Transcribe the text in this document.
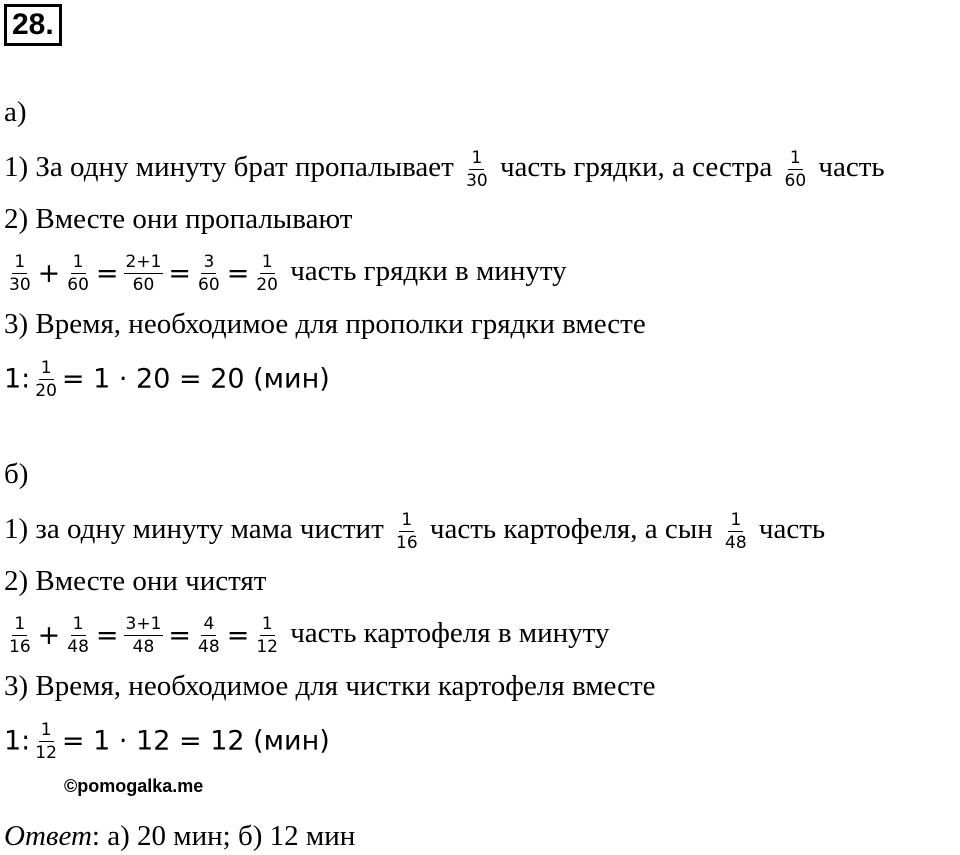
28.
а)
1) За одну минуту брат пропалывает $\frac{1}{30}$ часть грядки, а сестра $\frac{1}{60}$ часть
2) Вместе они пропалывают
$\frac{1}{30} + \frac{1}{60} = \frac{2+1}{60} = \frac{3}{60} = \frac{1}{20}$ часть грядки в минуту
3) Время, необходимое для прополки грядки вместе
1: $\frac{1}{20} = 1 \cdot 20 = 20$ (мин)
б)
1) за одну минуту мама чистит $\frac{1}{16}$ часть картофеля, а сын $\frac{1}{48}$ часть
2) Вместе они чистят
$\frac{1}{16} + \frac{1}{48} = \frac{3+1}{48} = \frac{4}{48} = \frac{1}{12}$ часть картофеля в минуту
3) Время, необходимое для чистки картофеля вместе
1: $\frac{1}{12} = 1 \cdot 12 = 12$ (мин)
©pomogalka.me
Ответ: а) 20 мин; б) 12 мин
